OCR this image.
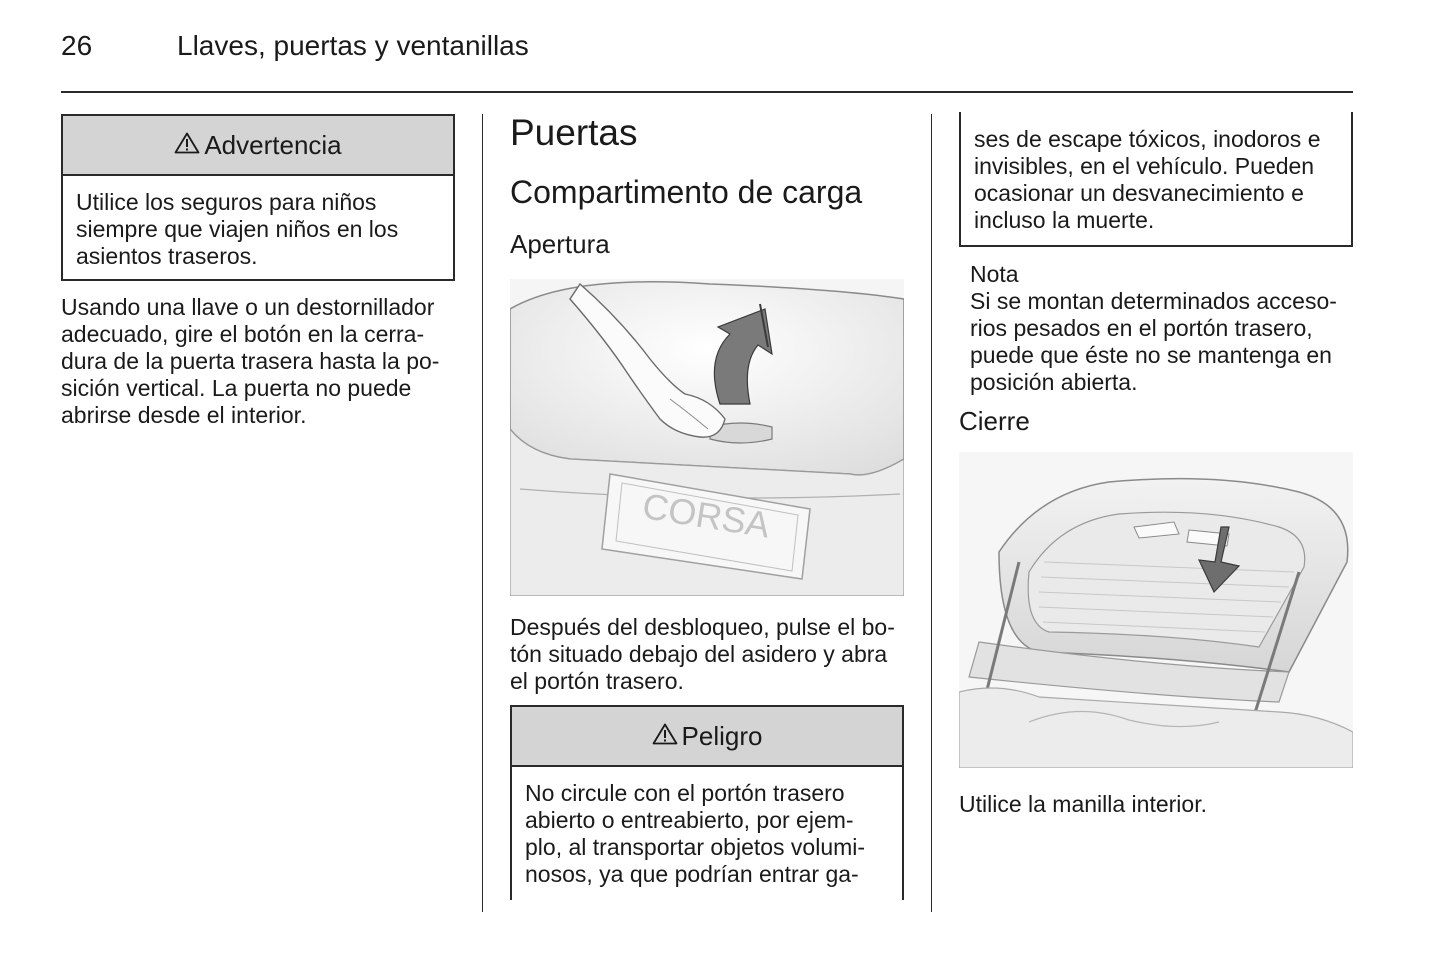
26	Llaves, puertas y ventanillas
Advertencia
Utilice los seguros para niños
siempre que viajen niños en los
asientos traseros.
Usando una llave o un destornillador
adecuado, gire el botón en la cerra-
dura de la puerta trasera hasta la po-
sición vertical. La puerta no puede
abrirse desde el interior.
Puertas
Compartimento de carga
Apertura
CORSA
Después del desbloqueo, pulse el bo-
tón situado debajo del asidero y abra
el portón trasero.
Peligro
No circule con el portón trasero
abierto o entreabierto, por ejem-
plo, al transportar objetos volumi-
nosos, ya que podrían entrar ga-
ses de escape tóxicos, inodoros e
invisibles, en el vehículo. Pueden
ocasionar un desvanecimiento e
incluso la muerte.
Nota
Si se montan determinados acceso-
rios pesados en el portón trasero,
puede que éste no se mantenga en
posición abierta.
Cierre
Utilice la manilla interior.
